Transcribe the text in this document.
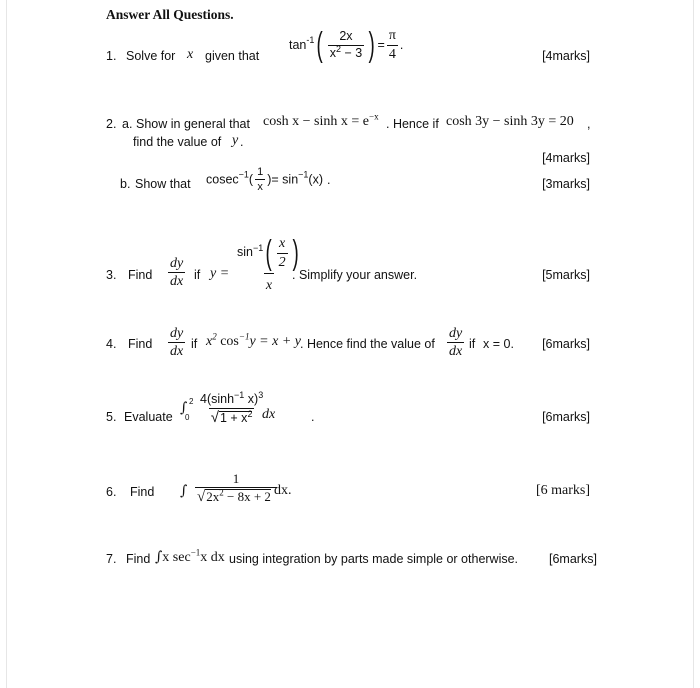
Answer All Questions.
1. Solve for x given that
$\tan^{-1}( \frac{2x}{x^2 - 3}$ ) = $\frac{\pi}{4}$ .
[4marks]
2. a. Show in general that $\cosh x - \sinh x = e^{-x}$
. Hence if cosh 3y − sinh 3y = 20 ,
find the value of y .
[4marks]
b. Show that $cosec^{-1}( \frac{1}{x}$ )= $\sin^{-1}(x)$ .	[3marks]
3. Find $\frac{dy}{dx}$ if $y = \frac{\sin^{-1}( \frac{x}{2} )}{x}$
. Simplify your answer.	[5marks]
4. Find $\frac{dy}{dx}$ if $x^2$ $\cos^{-1}y = x + y$
. Hence find the value of $\frac{dy}{dx}$ if x = 0. [6marks]
5. Evaluate
∫ 2
$0 \frac{4(\sinh^{-1} x)^3}{√1 + x^2}$
dx	.	[6marks]
6. Find ∫ $\frac{1}{√2x^2 - 8x + 2}$
dx.	[6 marks]
7. Find ∫x $\sec^{-1}x$ dx using integration by parts made simple or otherwise. [6marks]
